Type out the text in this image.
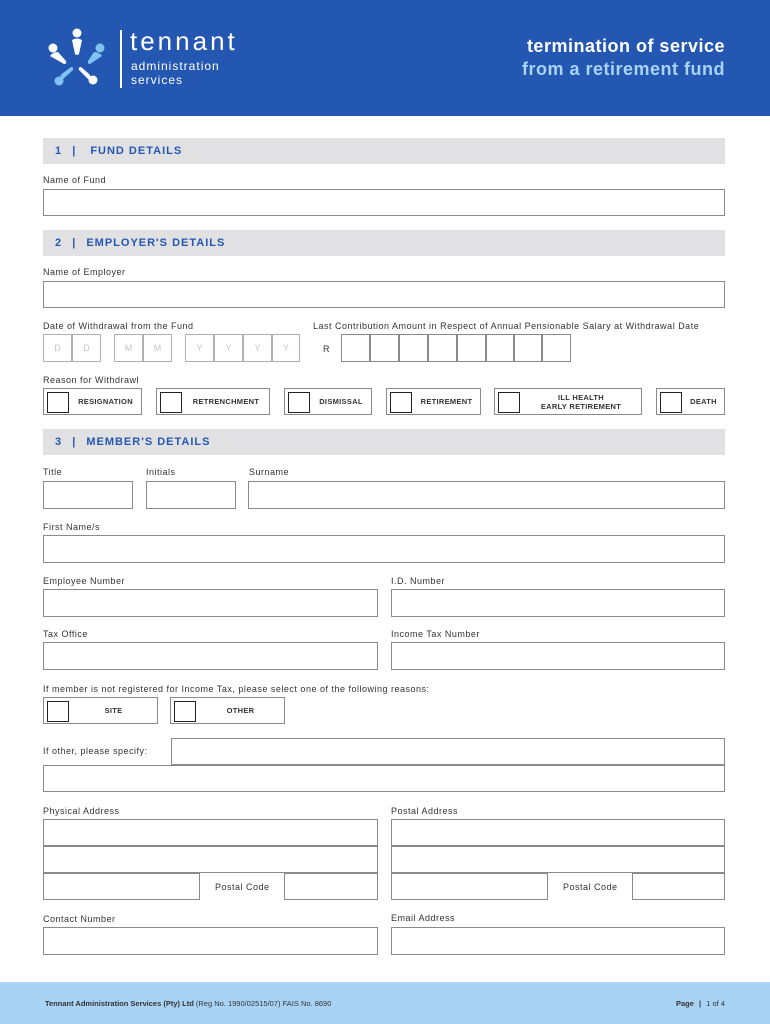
tennant
administration
services
termination of service
from a retirement fund
1 | FUND DETAILS
Name of Fund
2 | EMPLOYER'S DETAILS
Name of Employer
Date of Withdrawal from the Fund
D	D	M	M	Y	Y	Y	Y
Last Contribution Amount in Respect of Annual Pensionable Salary at Withdrawal Date
R
Reason for Withdrawl
RESIGNATION	RETRENCHMENT	DISMISSAL	RETIREMENT	ILL HEALTH
EARLY RETIREMENT	DEATH
3 | MEMBER'S DETAILS
Title	Initials	Surname
First Name/s
Employee Number	I.D. Number
Tax Office	Income Tax Number
If member is not registered for Income Tax, please select one of the following reasons:
SITE	OTHER
If other, please specify:
Physical Address	Postal Address
Postal Code	Postal Code
Contact Number	Email Address
Tennant Administration Services (Pty) Ltd (Reg No. 1990/02515/07) FAIS No. 8690	Page | 1 of 4
